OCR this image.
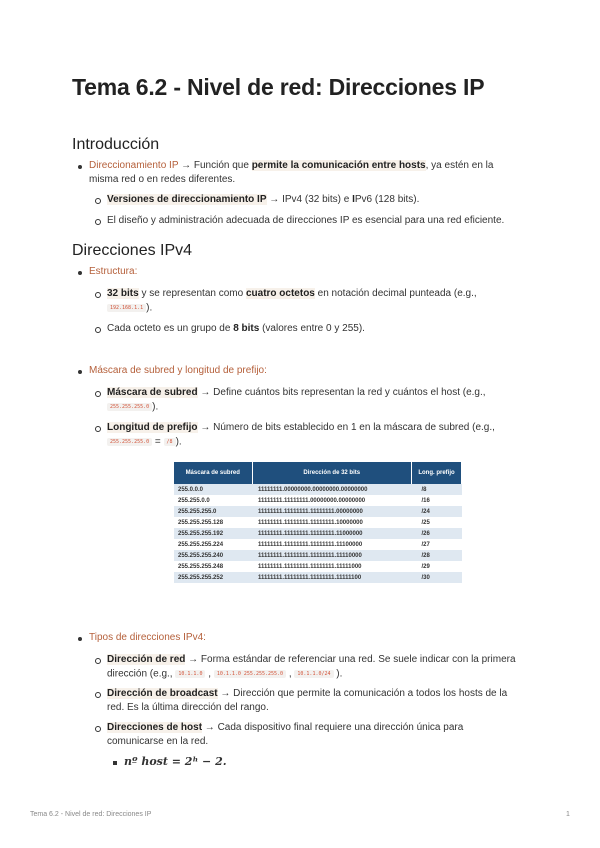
Tema 6.2 - Nivel de red: Direcciones IP
Introducción
Direccionamiento IP → Función que permite la comunicación entre hosts, ya estén en la
misma red o en redes diferentes.
Versiones de direccionamiento IP → IPv4 (32 bits) e IPv6 (128 bits).
El diseño y administración adecuada de direcciones IP es esencial para una red eficiente.
Direcciones IPv4
Estructura:
32 bits y se representan como cuatro octetos en notación decimal punteada (e.g.,
192.168.1.1 ).
Cada octeto es un grupo de 8 bits (valores entre 0 y 255).
Máscara de subred y longitud de prefijo:
Máscara de subred → Define cuántos bits representan la red y cuántos el host (e.g.,
255.255.255.0 ).
Longitud de prefijo → Número de bits establecido en 1 en la máscara de subred (e.g.,
255.255.255.0 = /8 ).
Máscara de subred	Dirección de 32 bits	Long. prefijo
255.0.0.0	11111111.00000000.00000000.00000000	/8
255.255.0.0	11111111.11111111.00000000.00000000	/16
255.255.255.0	11111111.11111111.11111111.00000000	/24
255.255.255.128	11111111.11111111.11111111.10000000	/25
255.255.255.192	11111111.11111111.11111111.11000000	/26
255.255.255.224	11111111.11111111.11111111.11100000	/27
255.255.255.240	11111111.11111111.11111111.11110000	/28
255.255.255.248	11111111.11111111.11111111.11111000	/29
255.255.255.252	11111111.11111111.11111111.11111100	/30
Tipos de direcciones IPv4:
Dirección de red → Forma estándar de referenciar una red. Se suele indicar con la primera
dirección (e.g., 10.1.1.0 , 10.1.1.0 255.255.255.0 , 10.1.1.0/24 ).
Dirección de broadcast → Dirección que permite la comunicación a todos los hosts de la
red. Es la última dirección del rango.
Direcciones de host → Cada dispositivo final requiere una dirección única para
comunicarse en la red.
nº host = 2ʰ − 2.
Tema 6.2 - Nivel de red: Direcciones IP	1
